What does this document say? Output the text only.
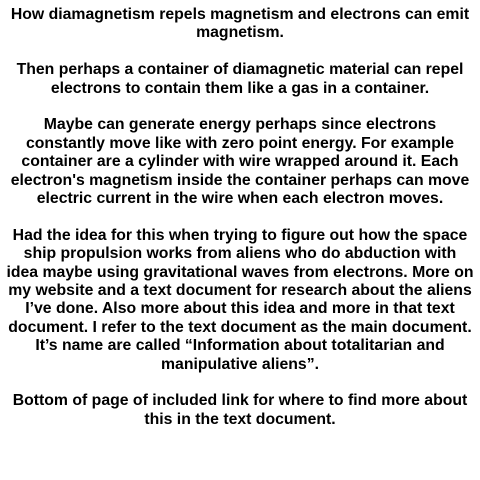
How diamagnetism repels magnetism and electrons can emit magnetism.

Then perhaps a container of diamagnetic material can repel electrons to contain them like a gas in a container.

Maybe can generate energy perhaps since electrons constantly move like with zero point energy. For example container are a cylinder with wire wrapped around it. Each electron's magnetism inside the container perhaps can move electric current in the wire when each electron moves.

Had the idea for this when trying to figure out how the space ship propulsion works from aliens who do abduction with idea maybe using gravitational waves from electrons. More on my website and a text document for research about the aliens I’ve done. Also more about this idea and more in that text document. I refer to the text document as the main document. It’s name are called “Information about totalitarian and manipulative aliens”.

Bottom of page of included link for where to find more about this in the text document.
